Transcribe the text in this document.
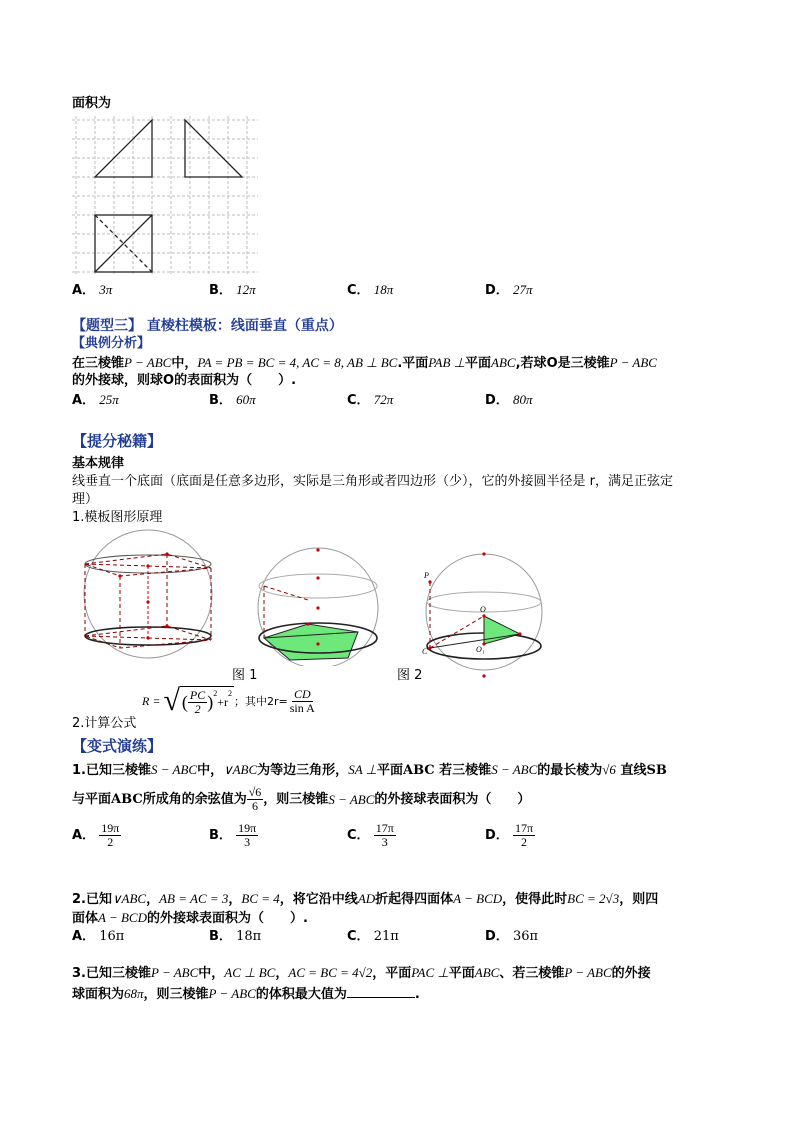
面积为
A． 3π	B． 12π	C． 18π	D． 27π
【题型三】 直棱柱模板：线面垂直（重点）
【典例分析】
在三棱锥P − ABC中，PA = PB = BC = 4, AC = 8, AB ⊥ BC.平面PAB ⊥平面ABC,若球O是三棱锥P − ABC
的外接球，则球O的表面积为（　　）.
A． 25π	B． 60π	C． 72π	D． 80π
【提分秘籍】
基本规律
线垂直一个底面（底面是任意多边形，实际是三角形或者四边形（少），它的外接圆半径是 r，满足正弦定
理）
1.模板图形原理
P
O
C	O₁
图 1	图 2
R = √ ( $\frac{PC}{2} )^2$
+r
$^2$
；其中$2r= \frac{CD}{\text{sin A}}$
2.计算公式
【变式演练】
1.已知三棱锥S − ABC中，∨ABC为等边三角形，SA ⊥平面ABC 若三棱锥S − ABC的最长棱为√6 直线SB
与平面 ABC 所成角的余弦值为 $\frac{√6}{6}$ ，则三棱锥 S − ABC 的外接球表面积为（　　）
A．
$\frac{19\pi}{2}$	B．
$\frac{19\pi}{3}$	C．
$\frac{17\pi}{3}$	D．
$\frac{17\pi}{2}$
2.已知∨ABC，AB = AC = 3，BC = 4，将它沿中线AD折起得四面体A − BCD，使得此时BC = 2√3，则四
面体A − BCD的外接球表面积为（　　）.
A． 16π	B． 18π	C． 21π	D． 36π
3.已知三棱锥P − ABC中，AC ⊥ BC，AC = BC = 4√2，平面PAC ⊥平面ABC、若三棱锥P − ABC的外接
球面积为68π，则三棱锥P − ABC的体积最大值为	.
